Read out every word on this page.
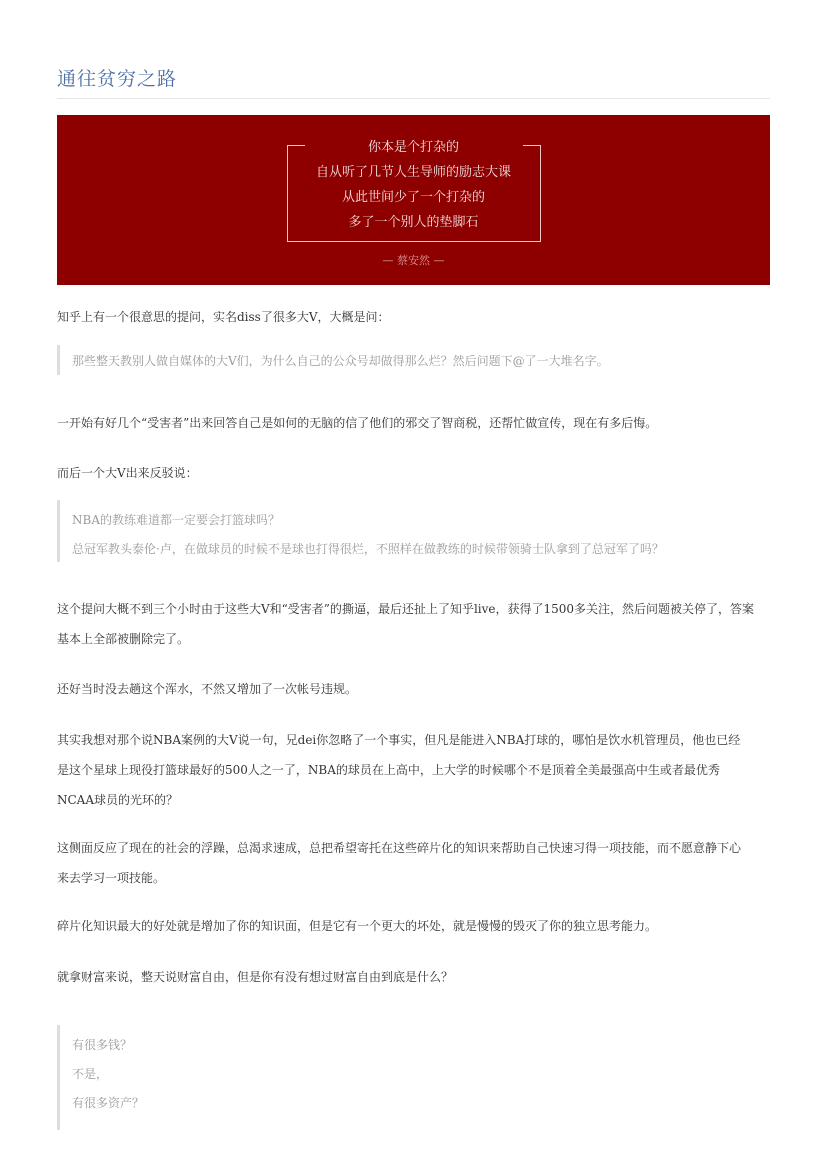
通往贫穷之路
你本是个打杂的
自从听了几节人生导师的励志大课
从此世间少了一个打杂的
多了一个别人的垫脚石
— 蔡安然 —
知乎上有一个很意思的提问，实名diss了很多大V，大概是问：
那些整天教别人做自媒体的大V们，为什么自己的公众号却做得那么烂？然后问题下@了一大堆名字。
一开始有好几个“受害者”出来回答自己是如何的无脑的信了他们的邪交了智商税，还帮忙做宣传，现在有多后悔。
而后一个大V出来反驳说：
NBA的教练难道都一定要会打篮球吗？
总冠军教头泰伦·卢，在做球员的时候不是球也打得很烂，不照样在做教练的时候带领骑士队拿到了总冠军了吗？
这个提问大概不到三个小时由于这些大V和“受害者”的撕逼，最后还扯上了知乎live，获得了1500多关注，然后问题被关停了，答案
基本上全部被删除完了。
还好当时没去趟这个浑水，不然又增加了一次帐号违规。
其实我想对那个说NBA案例的大V说一句，兄dei你忽略了一个事实，但凡是能进入NBA打球的，哪怕是饮水机管理员，他也已经
是这个星球上现役打篮球最好的500人之一了，NBA的球员在上高中，上大学的时候哪个不是顶着全美最强高中生或者最优秀
NCAA球员的光环的？
这侧面反应了现在的社会的浮躁，总渴求速成，总把希望寄托在这些碎片化的知识来帮助自己快速习得一项技能，而不愿意静下心
来去学习一项技能。
碎片化知识最大的好处就是增加了你的知识面，但是它有一个更大的坏处，就是慢慢的毁灭了你的独立思考能力。
就拿财富来说，整天说财富自由，但是你有没有想过财富自由到底是什么？
有很多钱？
不是，
有很多资产？
